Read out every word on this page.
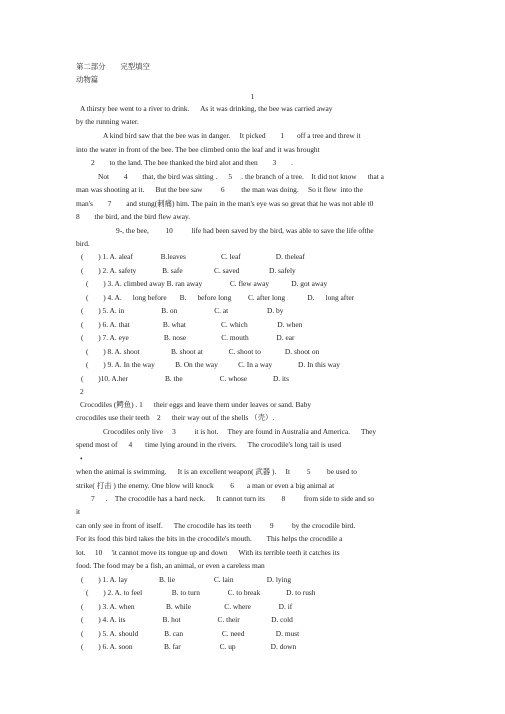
第二部分        完型填空
动物篇
1
A thirsty bee went to a river to drink.      As it was drinking, the bee was carried away
by the running water.
A kind bird saw that the bee was in danger.     It picked        1       off a tree and threw it
into the water in front of the bee. The bee climbed onto the leaf and it was brought
2        to the land. The bee thanked the bird alot and then        3        .
Not        4        that, the bird was sitting .      5     . the branch of a tree.    It did not know      that a
man was shooting at it.      But the bee saw          6         the man was doing.     So it flew  into the
man's        7        and stung(刺痛) him. The pain in the man's eye was so great that he was not able t0
8        the bird, and the bird flew away.
9-, the bee,         10          life had been saved by the bird, was able to save the life ofthe
bird.
(        ) 1. A. aleaf               B.leaves                   C. leaf                   D. theleaf
(        ) 2. A. safety              B. safe                 C. saved                D. safely
(        ) 3. A. climbed away B. ran away               C. flew away            D. got away
(        ) 4. A.      long before       B.      before long         C. after long            D.      long after
(        ) 5. A. in                    B. on                    C. at                     D. by
(        ) 6. A. that                  B. what                   C. which                D. when
(        ) 7. A. eye                   B. nose                   C. mouth               D. ear
(        ) 8. A. shoot                 B. shoot at              C. shoot to             D. shoot on
(        ) 9. A. In the way           B. On the way           C. In a way              D. In this way
(        )10. A.her                    B. the                    C. whose              D. its
2
Crocodiles (鳄鱼) . 1      their eggs and leave them under leaves or sand. Baby
crocodiles use their teeth    2      their way out of the shells （壳）.
Crocodiles only live     3          it is hot.     They are found in Australia and America.      They
spend most of      4       time lying around in the rivers.      The crocodile's long tail is used
•
when the animal is swimming.      It is an excellent weapon( 武器 ).     It         5         be used to
strike( 打击 ) the enemy. One blow will knock         6       a man or even a big animal at
7      .    The crocodile has a hard neck.      It cannot turn its         8          from side to side and so
it
can only see in front of itself.      The crocodile has its teeth          9          by the crocodile bird.
For its food this bird takes the bits in the crocodile's mouth.        This helps the crocodile a
lot.     10     'it cannot move its tongue up and down      With its terrible teeth it catches its
food. The food may be a fish, an animal, or even a careless man
(        ) 1. A. lay                 B. lie                     C. lain                  D. lying
(        ) 2. A. to feel                B. to turn               C. to break              D. to rush
(        ) 3. A. when                 B. while                  C. where               D. if
(        ) 4. A. its                    B. hot                    C. their                 D. cold
(        ) 5. A. should              B. can                     C. need                 D. must
(        ) 6. A. soon                 B. far                     C. up                   D. down
